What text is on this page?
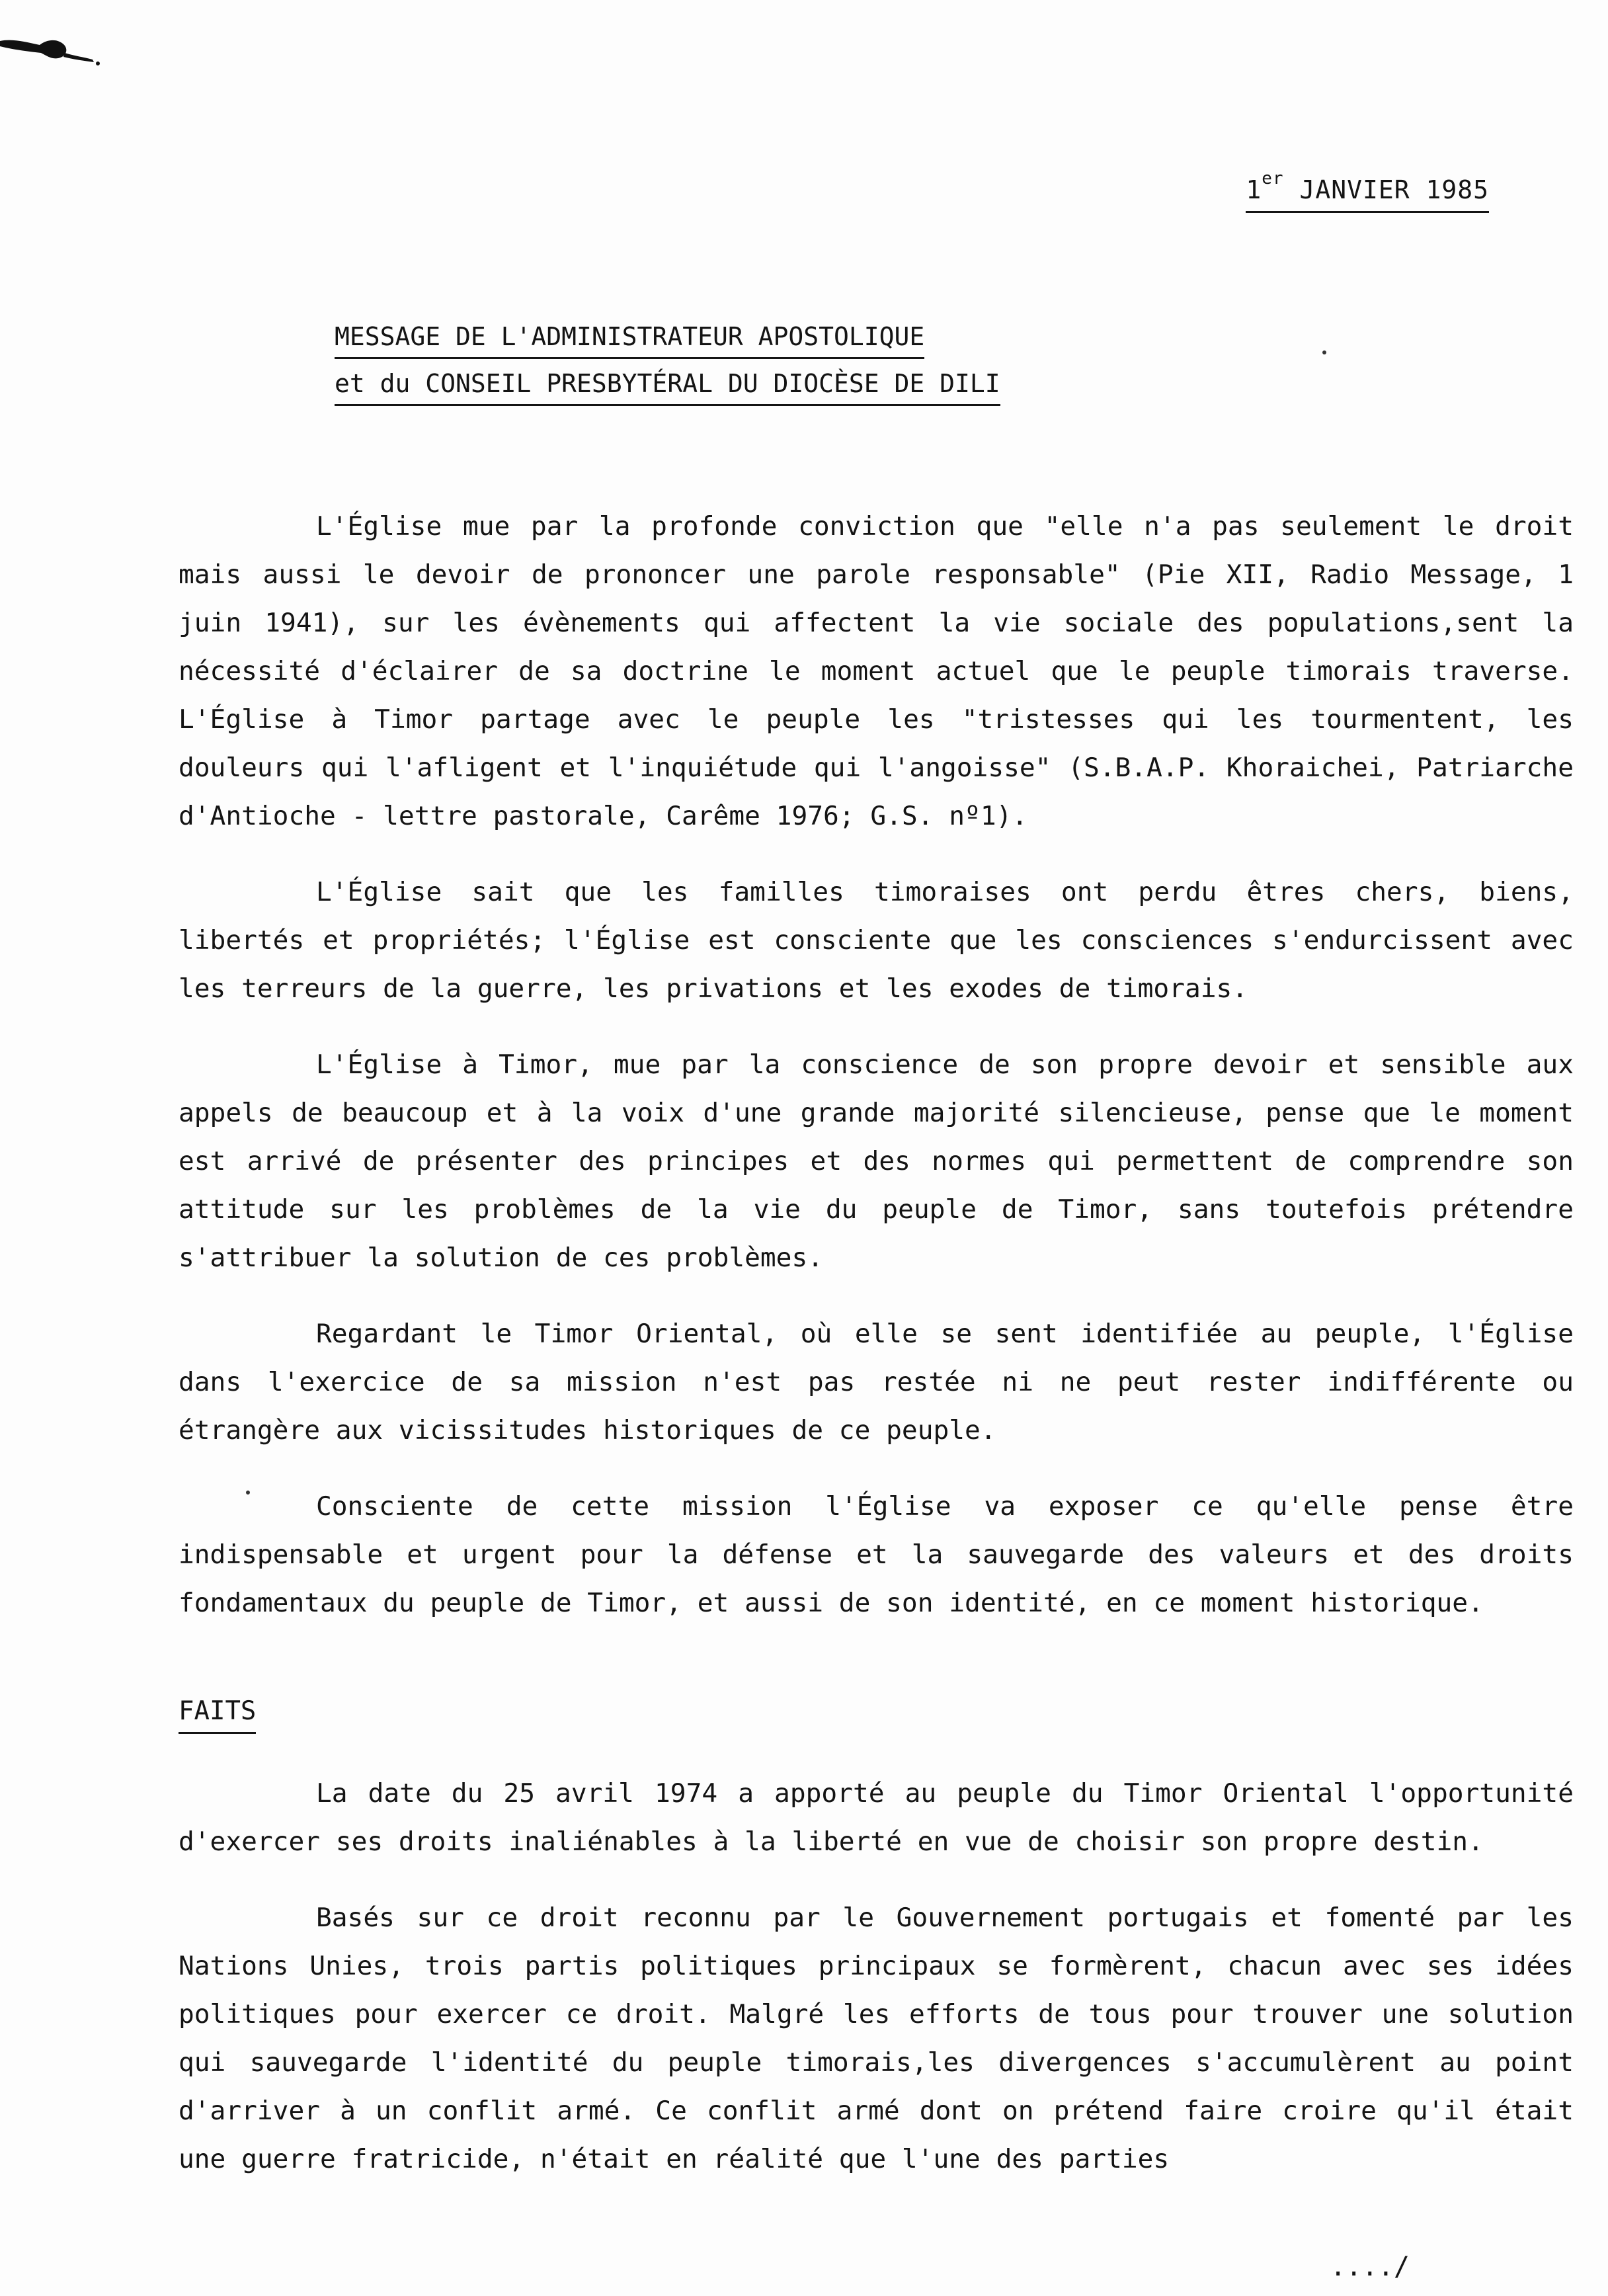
1er JANVIER 1985
MESSAGE DE L'ADMINISTRATEUR APOSTOLIQUE
et du CONSEIL PRESBYTÉRAL DU DIOCÈSE DE DILI

L'Église mue par la profonde conviction que "elle n'a pas seulement le droit mais aussi le devoir de prononcer une parole responsable" (Pie XII, Radio Message, 1 juin 1941), sur les évènements qui affectent la vie sociale des populations,sent la nécessité d'éclairer de sa doctrine le moment actuel que le peuple timorais traverse. L'Église à Timor partage avec le peuple les "tristesses qui les tourmentent, les douleurs qui l'afligent et l'inquiétude qui l'angoisse" (S.B.A.P. Khoraichei, Patriarche d'Antioche - lettre pastorale, Carême 1976; G.S. nº1).

L'Église sait que les familles timoraises ont perdu êtres chers, biens, libertés et propriétés; l'Église est consciente que les consciences s'endurcissent avec les terreurs de la guerre, les privations et les exodes de timorais.

L'Église à Timor, mue par la conscience de son propre devoir et sensible aux appels de beaucoup et à la voix d'une grande majorité silencieuse, pense que le moment est arrivé de présenter des principes et des normes qui permettent de comprendre son attitude sur les problèmes de la vie du peuple de Timor, sans toutefois prétendre s'attribuer la solution de ces problèmes.

Regardant le Timor Oriental, où elle se sent identifiée au peuple, l'Église dans l'exercice de sa mission n'est pas restée ni ne peut rester indifférente ou étrangère aux vicissitudes historiques de ce peuple.

Consciente de cette mission l'Église va exposer ce qu'elle pense être indispensable et urgent pour la défense et la sauvegarde des valeurs et des droits fondamentaux du peuple de Timor, et aussi de son identité, en ce moment historique.

FAITS

La date du 25 avril 1974 a apporté au peuple du Timor Oriental l'opportunité d'exercer ses droits inaliénables à la liberté en vue de choisir son propre destin.

Basés sur ce droit reconnu par le Gouvernement portugais et fomenté par les Nations Unies, trois partis politiques principaux se formèrent, chacun avec ses idées politiques pour exercer ce droit. Malgré les efforts de tous pour trouver une solution qui sauvegarde l'identité du peuple timorais,les divergences s'accumulèrent au point d'arriver à un conflit armé. Ce conflit armé dont on prétend faire croire qu'il était une guerre fratricide, n'était en réalité que l'une des parties

..../
